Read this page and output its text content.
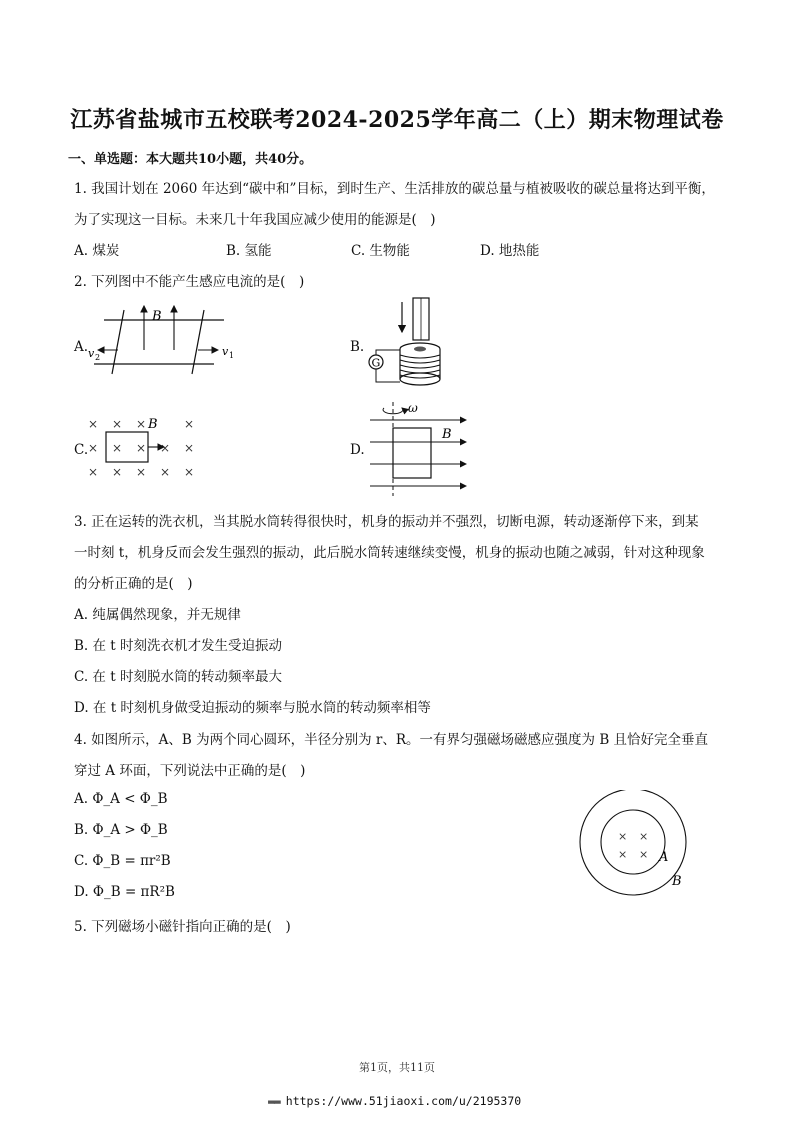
江苏省盐城市五校联考2024-2025学年高二（上）期末物理试卷
一、单选题：本大题共10小题，共40分。
1. 我国计划在 2060 年达到“碳中和”目标，到时生产、生活排放的碳总量与植被吸收的碳总量将达到平衡，
为了实现这一目标。未来几十年我国应减少使用的能源是(　)
A. 煤炭	B. 氢能	C. 生物能	D. 地热能
2. 下列图中不能产生感应电流的是(　)
A.	B.
C.	D.
B
v 2	v 1
G
× × ×	×
× × × × ×
× × × × ×
B
ω
B
3. 正在运转的洗衣机，当其脱水筒转得很快时，机身的振动并不强烈，切断电源，转动逐渐停下来，到某
一时刻 t，机身反而会发生强烈的振动，此后脱水筒转速继续变慢，机身的振动也随之减弱，针对这种现象
的分析正确的是(　)
A. 纯属偶然现象，并无规律
B. 在 t 时刻洗衣机才发生受迫振动
C. 在 t 时刻脱水筒的转动频率最大
D. 在 t 时刻机身做受迫振动的频率与脱水筒的转动频率相等
4. 如图所示，A、B 为两个同心圆环，半径分别为 r、R。一有界匀强磁场磁感应强度为 B 且恰好完全垂直
穿过 A 环面，下列说法中正确的是(　)
A. Φ_A < Φ_B
B. Φ_A > Φ_B
C. Φ_B = πr²B
D. Φ_B = πR²B
× ×
× × A
B
5. 下列磁场小磁针指向正确的是(　)
第1页，共11页
▬▬ https://www.51jiaoxi.com/u/2195370
